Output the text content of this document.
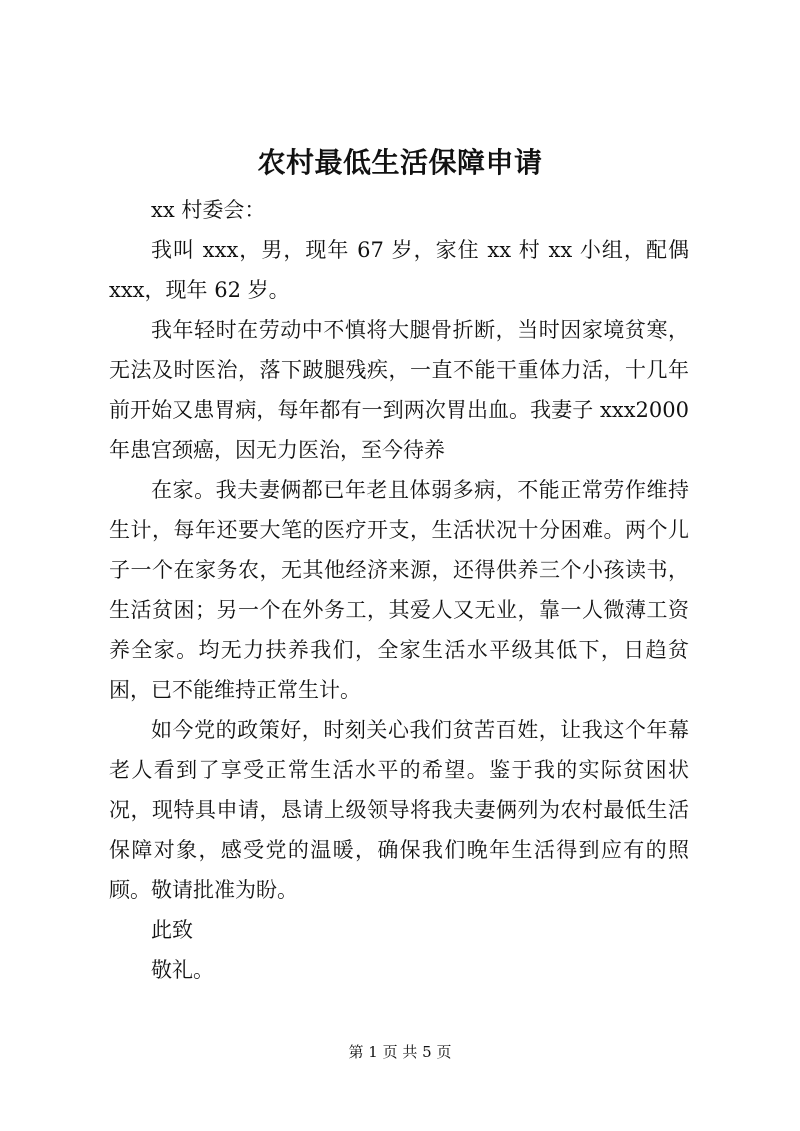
农村最低生活保障申请

xx 村委会：

我叫 xxx，男，现年 67 岁，家住 xx 村 xx 小组，配偶 xxx，现年 62 岁。

我年轻时在劳动中不慎将大腿骨折断，当时因家境贫寒，无法及时医治，落下跛腿残疾，一直不能干重体力活，十几年前开始又患胃病，每年都有一到两次胃出血。我妻子 xxx2000 年患宫颈癌，因无力医治，至今待养

在家。我夫妻俩都已年老且体弱多病，不能正常劳作维持生计，每年还要大笔的医疗开支，生活状况十分困难。两个儿子一个在家务农，无其他经济来源，还得供养三个小孩读书，生活贫困；另一个在外务工，其爱人又无业，靠一人微薄工资养全家。均无力扶养我们，全家生活水平级其低下，日趋贫困，已不能维持正常生计。

如今党的政策好，时刻关心我们贫苦百姓，让我这个年幕老人看到了享受正常生活水平的希望。鉴于我的实际贫困状况，现特具申请，恳请上级领导将我夫妻俩列为农村最低生活保障对象，感受党的温暖，确保我们晚年生活得到应有的照顾。敬请批准为盼。

此致

敬礼。

第 1 页 共 5 页
